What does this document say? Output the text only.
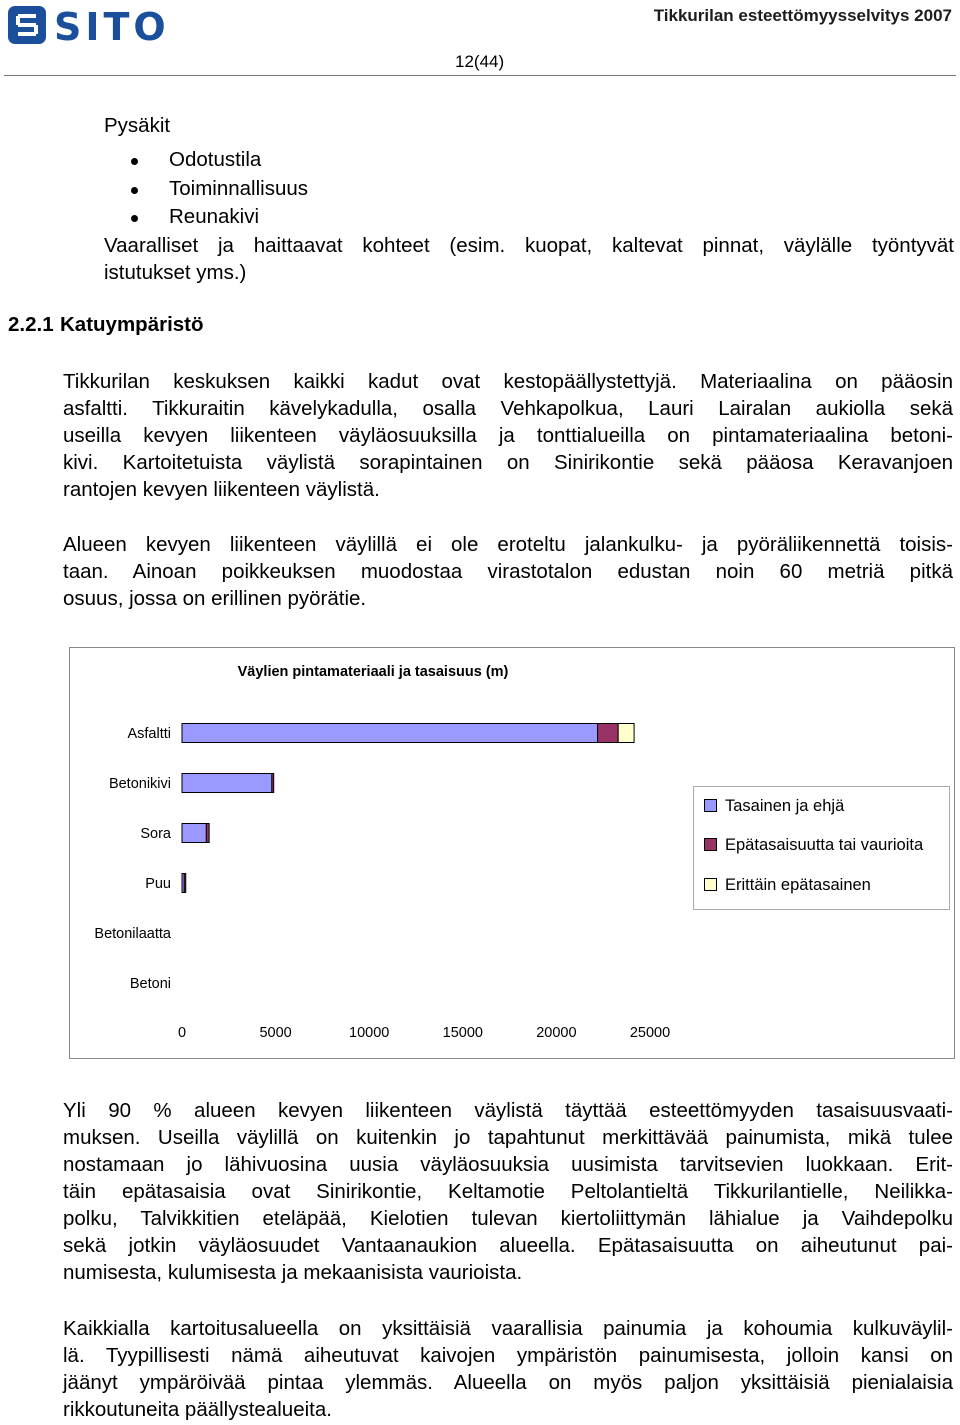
SITO	Tikkurilan esteettömyysselvitys 2007
12(44)
Pysäkit
Odotustila
Toiminnallisuus
Reunakivi
Vaaralliset ja haittaavat kohteet (esim. kuopat, kaltevat pinnat, väylälle työntyvät
istutukset yms.)
2.2.1 Katuympäristö
Tikkurilan keskuksen kaikki kadut ovat kestopäällystettyjä. Materiaalina on pääosin
asfaltti. Tikkuraitin kävelykadulla, osalla Vehkapolkua, Lauri Lairalan aukiolla sekä
useilla kevyen liikenteen väyläosuuksilla ja tonttialueilla on pintamateriaalina betoni-
kivi. Kartoitetuista väylistä sorapintainen on Sinirikontie sekä pääosa Keravanjoen
rantojen kevyen liikenteen väylistä.
Alueen kevyen liikenteen väylillä ei ole eroteltu jalankulku- ja pyöräliikennettä toisis-
taan. Ainoan poikkeuksen muodostaa virastotalon edustan noin 60 metriä pitkä
osuus, jossa on erillinen pyörätie.
Väylien pintamateriaali ja tasaisuus (m)
Asfaltti
Betonikivi
Sora
Puu
Betonilaatta
Betoni
0	5000	10000	15000	20000	25000
Tasainen ja ehjä
Epätasaisuutta tai vaurioita
Erittäin epätasainen
Yli 90 % alueen kevyen liikenteen väylistä täyttää esteettömyyden tasaisuusvaati-
muksen. Useilla väylillä on kuitenkin jo tapahtunut merkittävää painumista, mikä tulee
nostamaan jo lähivuosina uusia väyläosuuksia uusimista tarvitsevien luokkaan. Erit-
täin epätasaisia ovat Sinirikontie, Keltamotie Peltolantieltä Tikkurilantielle, Neilikka-
polku, Talvikkitien eteläpää, Kielotien tulevan kiertoliittymän lähialue ja Vaihdepolku
sekä jotkin väyläosuudet Vantaanaukion alueella. Epätasaisuutta on aiheutunut pai-
numisesta, kulumisesta ja mekaanisista vaurioista.
Kaikkialla kartoitusalueella on yksittäisiä vaarallisia painumia ja kohoumia kulkuväylil-
lä. Tyypillisesti nämä aiheutuvat kaivojen ympäristön painumisesta, jolloin kansi on
jäänyt ympäröivää pintaa ylemmäs. Alueella on myös paljon yksittäisiä pienialaisia
rikkoutuneita päällystealueita.
